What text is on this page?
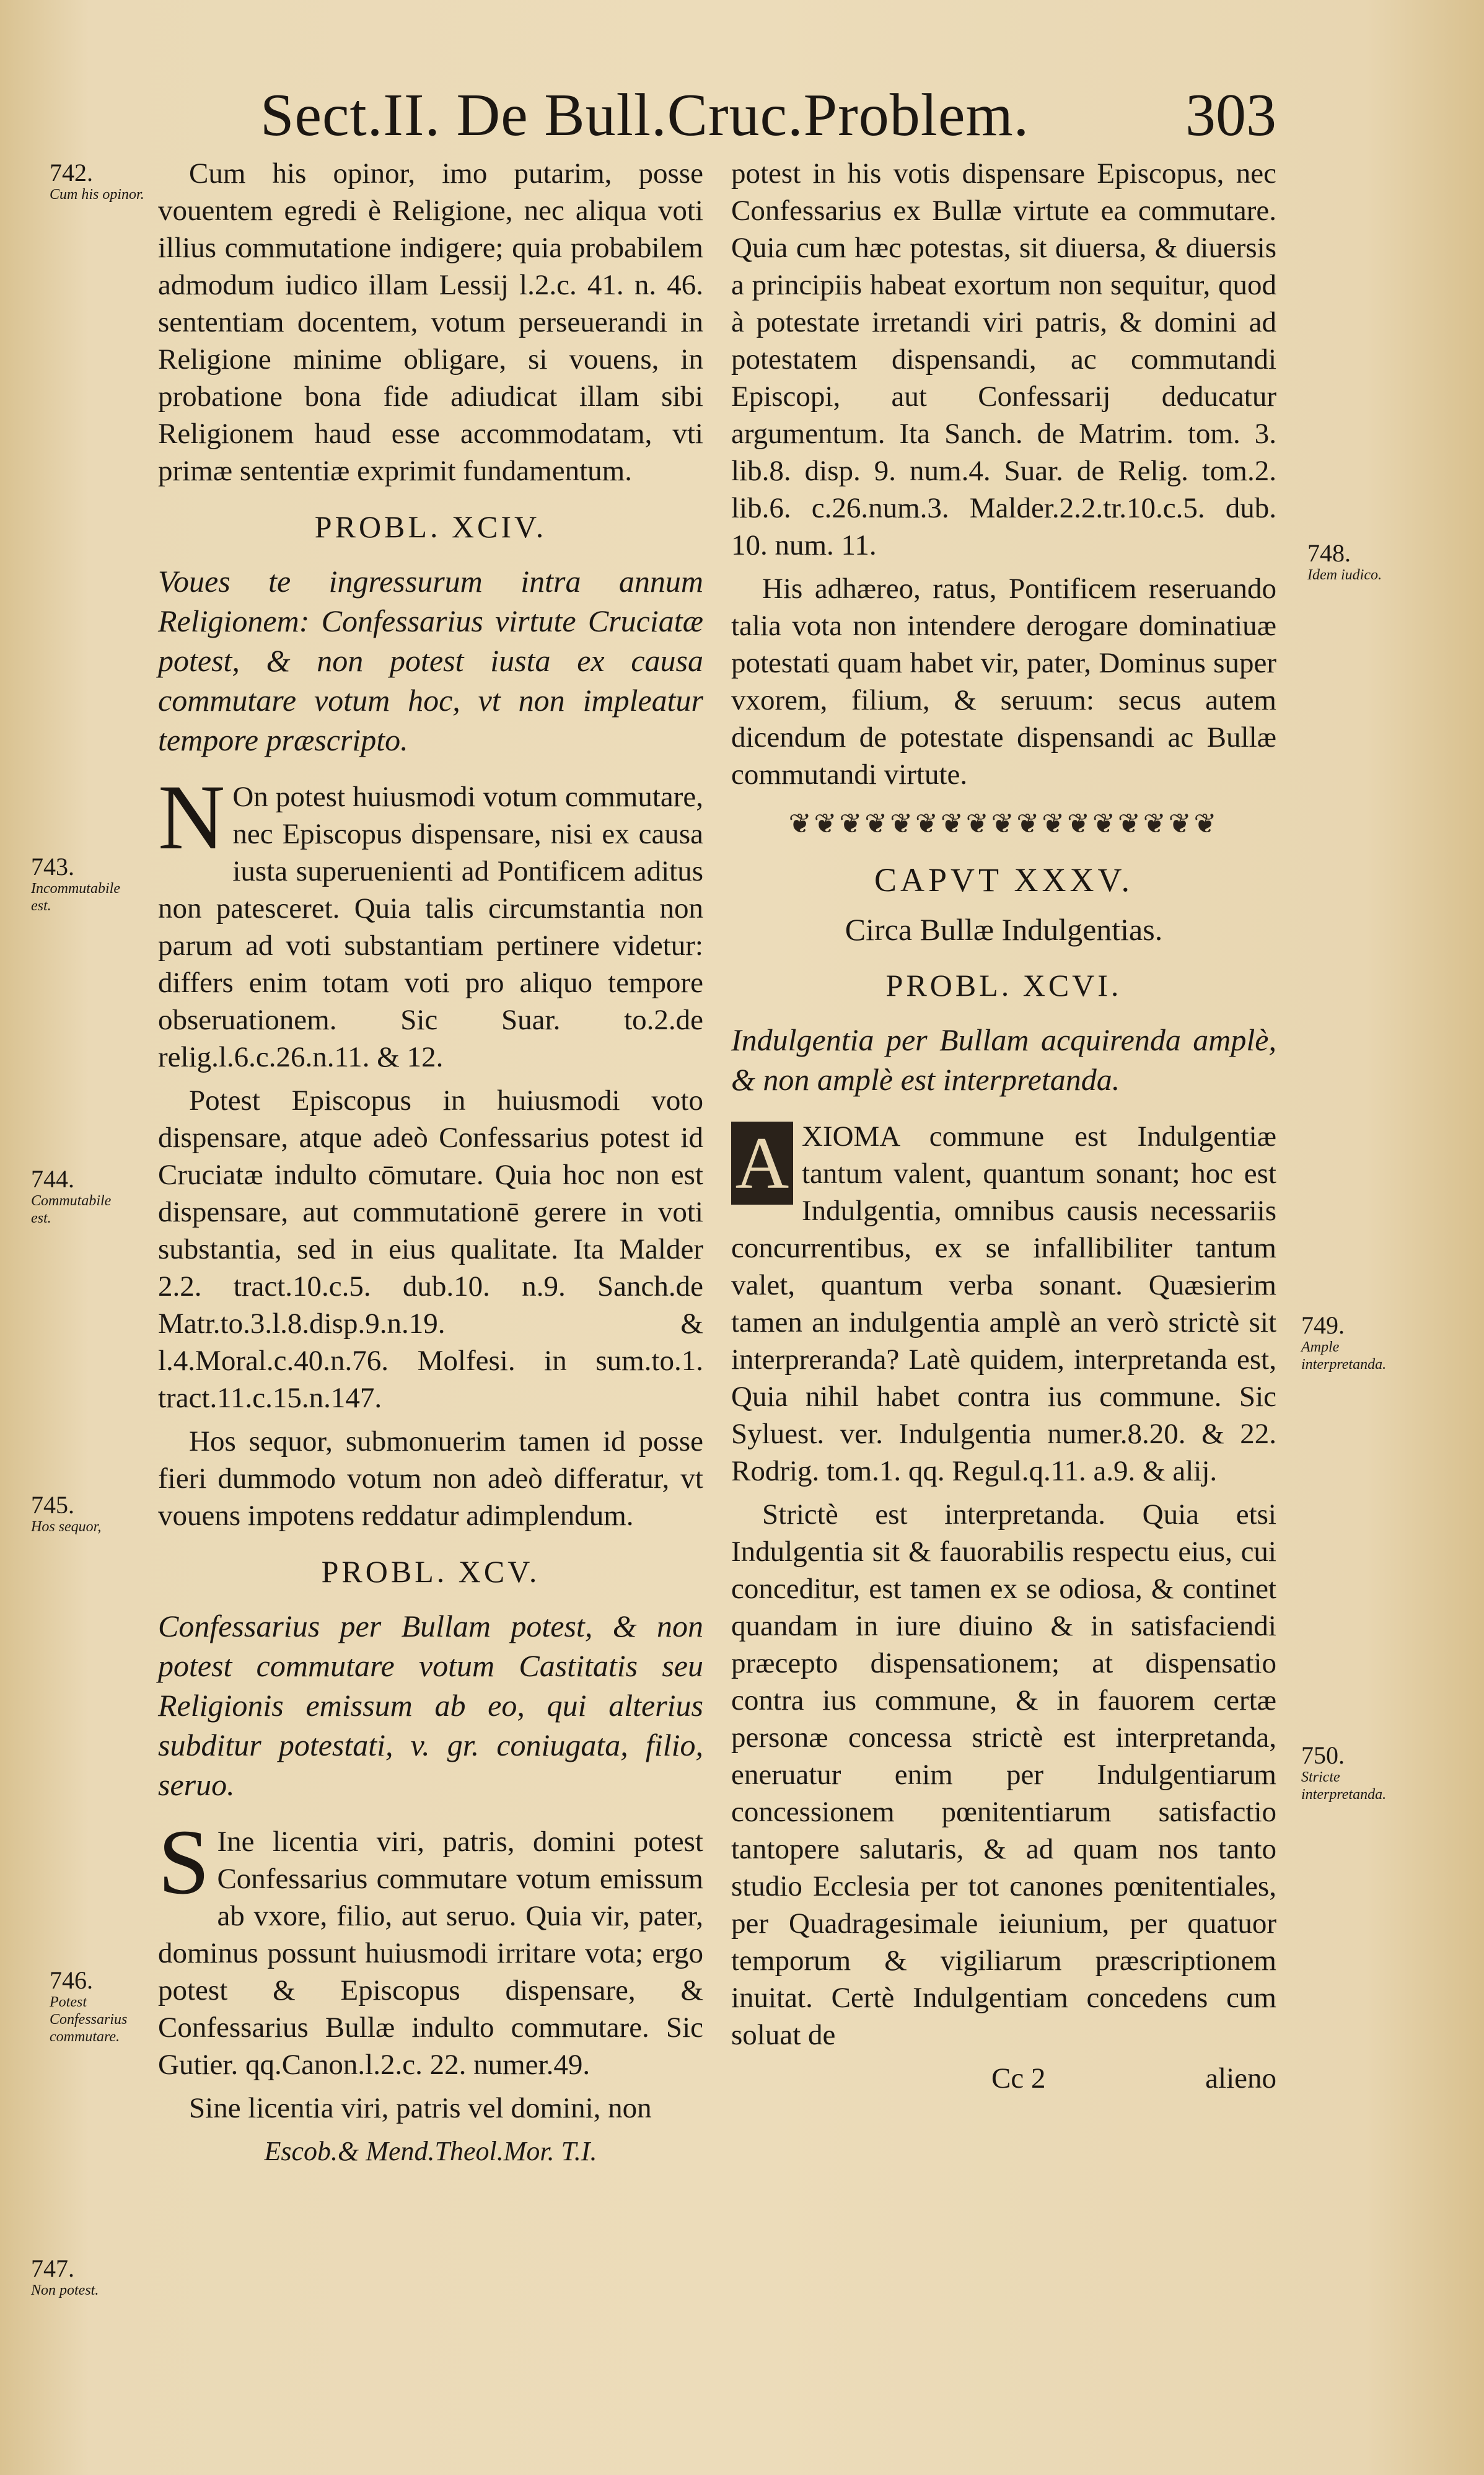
Sect.II. De Bull.Cruc.Problem.	303
742.
Cum his opinor.
743.
Incommutabile est.
744.
Commutabile est.
745.
Hos sequor,
746.
Potest Confessarius commutare.
747.
Non potest.
748.
Idem iudico.
749.
Ample interpretanda.
750.
Stricte interpretanda.

Cum his opinor, imo putarim, posse vouentem egredi è Religione, nec aliqua voti illius commutatione indigere; quia probabilem admodum iudico illam Lessij l.2.c. 41. n. 46. sententiam docentem, votum perseuerandi in Religione minime obligare, si vouens, in probatione bona fide adiudicat illam sibi Religionem haud esse accommodatam, vti primæ sententiæ exprimit fundamentum.

PROBL. XCIV.

Voues te ingressurum intra annum Religionem: Confessarius virtute Cruciatæ potest, & non potest iusta ex causa commutare votum hoc, vt non impleatur tempore præscripto.

N On potest huiusmodi votum commutare, nec Episcopus dispensare, nisi ex causa iusta superuenienti ad Pontificem aditus non patesceret. Quia talis circumstantia non parum ad voti substantiam pertinere videtur: differs enim totam voti pro aliquo tempore obseruationem. Sic Suar. to.2.de relig.l.6.c.26.n.11. & 12.

Potest Episcopus in huiusmodi voto dispensare, atque adeò Confessarius potest id Cruciatæ indulto cōmutare. Quia hoc non est dispensare, aut commutationē gerere in voti substantia, sed in eius qualitate. Ita Malder 2.2. tract.10.c.5. dub.10. n.9. Sanch.de Matr.to.3.l.8.disp.9.n.19. & l.4.Moral.c.40.n.76. Molfesi. in sum.to.1. tract.11.c.15.n.147.

Hos sequor, submonuerim tamen id posse fieri dummodo votum non adeò differatur, vt vouens impotens reddatur adimplendum.

PROBL. XCV.

Confessarius per Bullam potest, & non potest commutare votum Castitatis seu Religionis emissum ab eo, qui alterius subditur potestati, v. gr. coniugata, filio, seruo.

S Ine licentia viri, patris, domini potest Confessarius commutare votum emissum ab vxore, filio, aut seruo. Quia vir, pater, dominus possunt huiusmodi irritare vota; ergo potest & Episcopus dispensare, & Confessarius Bullæ indulto commutare. Sic Gutier. qq.Canon.l.2.c. 22. numer.49.

Sine licentia viri, patris vel domini, non

Escob.& Mend.Theol.Mor. T.I.

potest in his votis dispensare Episcopus, nec Confessarius ex Bullæ virtute ea commutare. Quia cum hæc potestas, sit diuersa, & diuersis a principiis habeat exortum non sequitur, quod à potestate irretandi viri patris, & domini ad potestatem dispensandi, ac commutandi Episcopi, aut Confessarij deducatur argumentum. Ita Sanch. de Matrim. tom. 3. lib.8. disp. 9. num.4. Suar. de Relig. tom.2. lib.6. c.26.num.3. Malder.2.2.tr.10.c.5. dub. 10. num. 11.

His adhæreo, ratus, Pontificem reseruando talia vota non intendere derogare dominatiuæ potestati quam habet vir, pater, Dominus super vxorem, filium, & seruum: secus autem dicendum de potestate dispensandi ac Bullæ commutandi virtute.

❦❦❦❦❦❦❦❦❦❦❦❦❦❦❦❦❦
CAPVT XXXV.
Circa Bullæ Indulgentias.
PROBL. XCVI.

Indulgentia per Bullam acquirenda amplè, & non amplè est interpretanda.

A XIOMA commune est Indulgentiæ tantum valent, quantum sonant; hoc est Indulgentia, omnibus causis necessariis concurrentibus, ex se infallibiliter tantum valet, quantum verba sonant. Quæsierim tamen an indulgentia amplè an verò strictè sit interpreranda? Latè quidem, interpretanda est, Quia nihil habet contra ius commune. Sic Syluest. ver. Indulgentia numer.8.20. & 22. Rodrig. tom.1. qq. Regul.q.11. a.9. & alij.

Strictè est interpretanda. Quia etsi Indulgentia sit & fauorabilis respectu eius, cui conceditur, est tamen ex se odiosa, & continet quandam in iure diuino & in satisfaciendi præcepto dispensationem; at dispensatio contra ius commune, & in fauorem certæ personæ concessa strictè est interpretanda, eneruatur enim per Indulgentiarum concessionem pœnitentiarum satisfactio tantopere salutaris, & ad quam nos tanto studio Ecclesia per tot canones pœnitentiales, per Quadragesimale ieiunium, per quatuor temporum & vigiliarum præscriptionem inuitat. Certè Indulgentiam concedens cum soluat de

Cc 2	alieno
